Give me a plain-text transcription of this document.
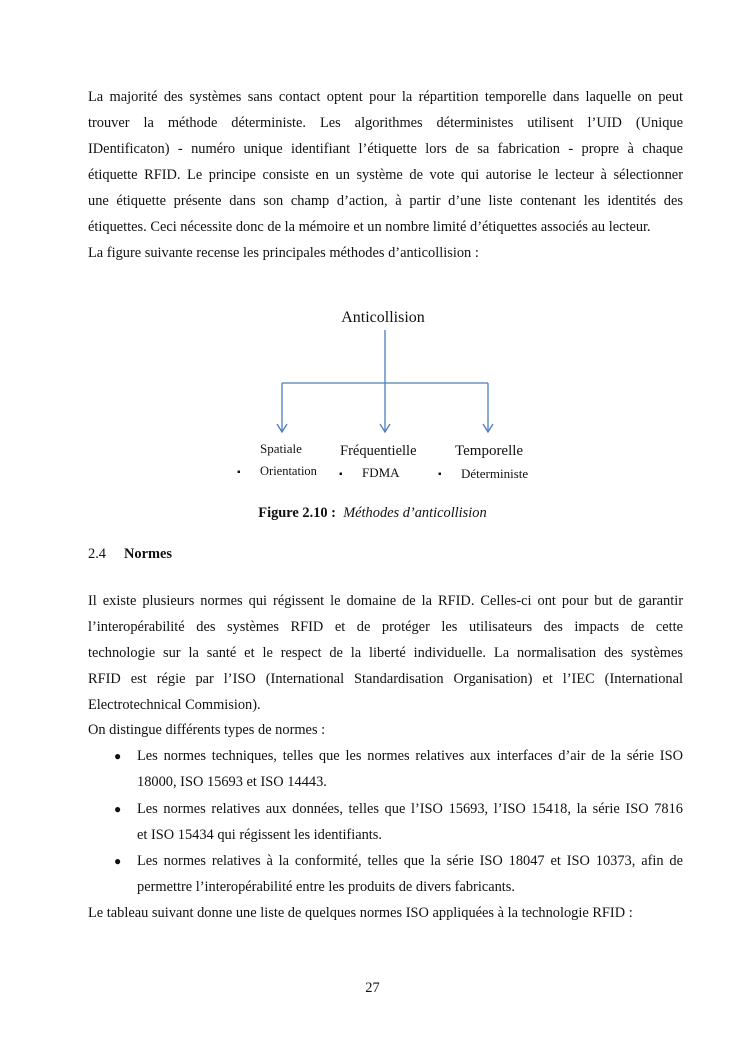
La majorité des systèmes sans contact optent pour la répartition temporelle dans laquelle on peut
trouver la méthode déterministe. Les algorithmes déterministes utilisent l’UID (Unique
IDentificaton) - numéro unique identifiant l’étiquette lors de sa fabrication - propre à chaque
étiquette RFID. Le principe consiste en un système de vote qui autorise le lecteur à sélectionner
une étiquette présente dans son champ d’action, à partir d’une liste contenant les identités des
étiquettes. Ceci nécessite donc de la mémoire et un nombre limité d’étiquettes associés au lecteur.
La figure suivante recense les principales méthodes d’anticollision :
Anticollision
Spatiale	Fréquentielle	Temporelle
▪ Orientation ▪ FDMA	▪ Déterministe
Figure 2.10 : Méthodes d’anticollision
2.4 Normes
Il existe plusieurs normes qui régissent le domaine de la RFID. Celles-ci ont pour but de garantir
l’interopérabilité des systèmes RFID et de protéger les utilisateurs des impacts de cette
technologie sur la santé et le respect de la liberté individuelle. La normalisation des systèmes
RFID est régie par l’ISO (International Standardisation Organisation) et l’IEC (International
Electrotechnical Commision).
On distingue différents types de normes :
● Les normes techniques, telles que les normes relatives aux interfaces d’air de la série ISO
18000, ISO 15693 et ISO 14443.
● Les normes relatives aux données, telles que l’ISO 15693, l’ISO 15418, la série ISO 7816
et ISO 15434 qui régissent les identifiants.
● Les normes relatives à la conformité, telles que la série ISO 18047 et ISO 10373, afin de
permettre l’interopérabilité entre les produits de divers fabricants.
Le tableau suivant donne une liste de quelques normes ISO appliquées à la technologie RFID :
27
